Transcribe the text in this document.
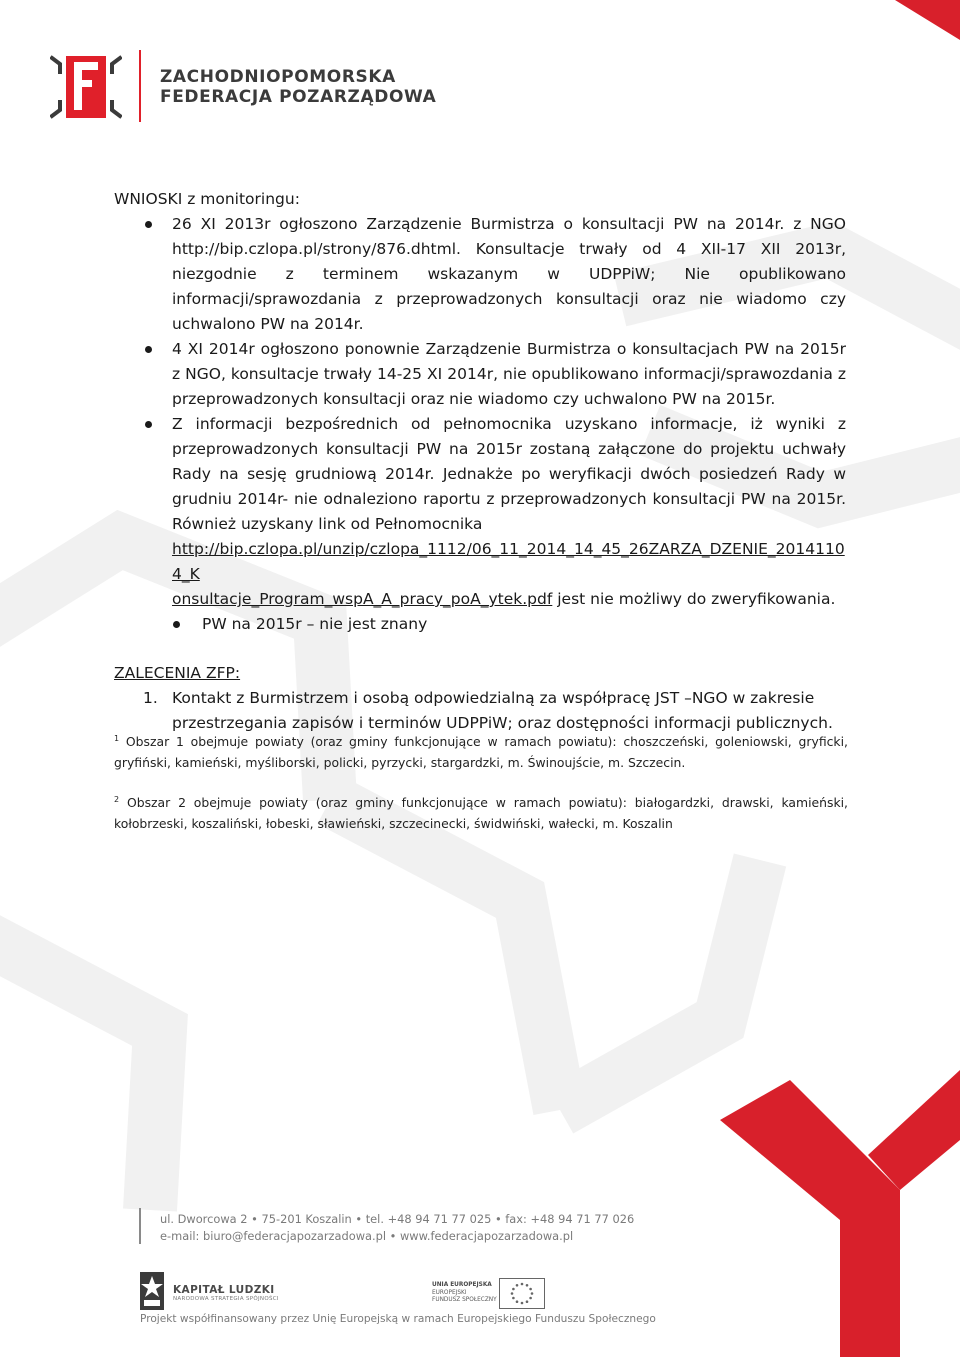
ZACHODNIOPOMORSKA
FEDERACJA POZARZĄDOWA

WNIOSKI z monitoringu:

26 XI 2013r ogłoszono Zarządzenie Burmistrza o konsultacji PW na 2014r. z NGO http://bip.czlopa.pl/strony/876.dhtml. Konsultacje trwały od 4 XII-17 XII 2013r, niezgodnie z terminem wskazanym w UDPPiW; Nie opublikowano informacji/sprawozdania z przeprowadzonych konsultacji oraz nie wiadomo czy uchwalono PW na 2014r.
4 XI 2014r ogłoszono ponownie Zarządzenie Burmistrza o konsultacjach PW na 2015r z NGO, konsultacje trwały 14-25 XI 2014r, nie opublikowano informacji/sprawozdania z przeprowadzonych konsultacji oraz nie wiadomo czy uchwalono PW na 2015r.
Z informacji bezpośrednich od pełnomocnika uzyskano informacje, iż wyniki z przeprowadzonych konsultacji PW na 2015r zostaną załączone do projektu uchwały Rady na sesję grudniową 2014r. Jednakże po weryfikacji dwóch posiedzeń Rady w grudniu 2014r- nie odnaleziono raportu z przeprowadzonych konsultacji PW na 2015r. Również uzyskany link od Pełnomocnika
http://bip.czlopa.pl/unzip/czlopa_1112/06_11_2014_14_45_26ZARZA_DZENIE_20141104_K
onsultacje_Program_wspA_A_pracy_poA_ytek.pdf jest nie możliwy do zweryfikowania.
PW na 2015r – nie jest znany

ZALECENIA ZFP:

1. Kontakt z Burmistrzem i osobą odpowiedzialną za współpracę JST –NGO w zakresie przestrzegania zapisów i terminów UDPPiW; oraz dostępności informacji publicznych.

$^1$ Obszar 1 obejmuje powiaty (oraz gminy funkcjonujące w ramach powiatu): choszczeński, goleniowski, gryficki, gryfiński, kamieński, myśliborski, policki, pyrzycki, stargardzki, m. Świnoujście, m. Szczecin.

$^2$ Obszar 2 obejmuje powiaty (oraz gminy funkcjonujące w ramach powiatu): białogardzki, drawski, kamieński, kołobrzeski, koszaliński, łobeski, sławieński, szczecinecki, świdwiński, wałecki, m. Koszalin

ul. Dworcowa 2 • 75-201 Koszalin • tel. +48 94 71 77 025 • fax: +48 94 71 77 026
e-mail: biuro@federacjapozarzadowa.pl • www.federacjapozarzadowa.pl
KAPITAŁ LUDZKI
NARODOWA STRATEGIA SPÓJNOŚCI
UNIA EUROPEJSKA
EUROPEJSKI
FUNDUSZ SPOŁECZNY
Projekt współfinansowany przez Unię Europejską w ramach Europejskiego Funduszu Społecznego
